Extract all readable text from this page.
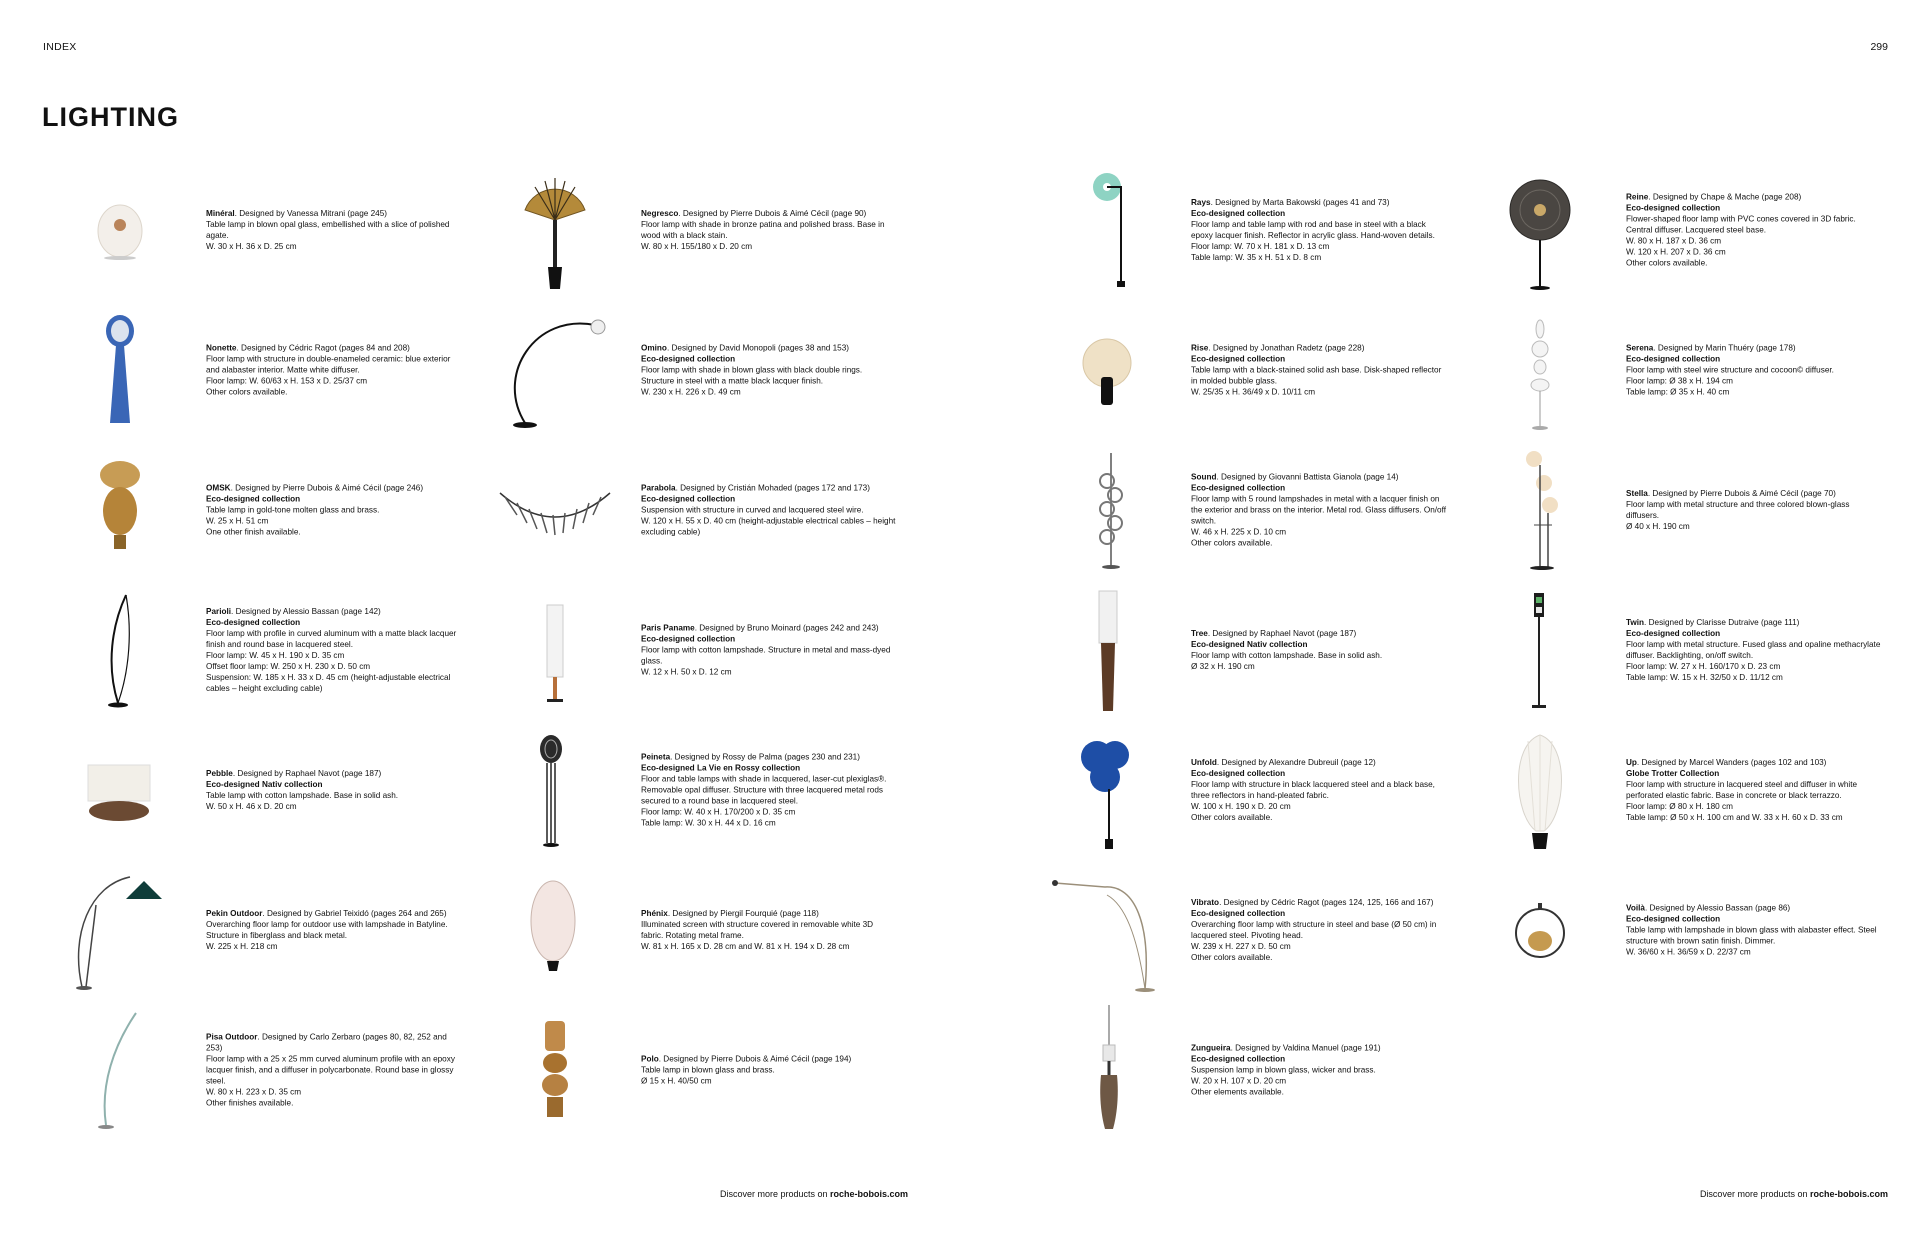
INDEX	299
LIGHTING
Discover more products on roche-bobois.com	Discover more products on roche-bobois.com
Minéral. Designed by Vanessa Mitrani (page 245)
Table lamp in blown opal glass, embellished with a slice of polished agate.
W. 30 x H. 36 x D. 25 cm
Negresco. Designed by Pierre Dubois & Aimé Cécil (page 90)
Floor lamp with shade in bronze patina and polished brass. Base in wood with a black stain.
W. 80 x H. 155/180 x D. 20 cm
Rays. Designed by Marta Bakowski (pages 41 and 73)
Eco-designed collection
Floor lamp and table lamp with rod and base in steel with a black epoxy lacquer finish. Reflector in acrylic glass. Hand-woven details.
Floor lamp: W. 70 x H. 181 x D. 13 cm
Table lamp: W. 35 x H. 51 x D. 8 cm
Reine. Designed by Chape & Mache (page 208)
Eco-designed collection
Flower-shaped floor lamp with PVC cones covered in 3D fabric. Central diffuser. Lacquered steel base.
W. 80 x H. 187 x D. 36 cm
W. 120 x H. 207 x D. 36 cm
Other colors available.
Nonette. Designed by Cédric Ragot (pages 84 and 208)
Floor lamp with structure in double-enameled ceramic: blue exterior and alabaster interior. Matte white diffuser.
Floor lamp: W. 60/63 x H. 153 x D. 25/37 cm
Other colors available.
Omino. Designed by David Monopoli (pages 38 and 153)
Eco-designed collection
Floor lamp with shade in blown glass with black double rings. Structure in steel with a matte black lacquer finish.
W. 230 x H. 226 x D. 49 cm
Rise. Designed by Jonathan Radetz (page 228)
Eco-designed collection
Table lamp with a black-stained solid ash base. Disk-shaped reflector in molded bubble glass.
W. 25/35 x H. 36/49 x D. 10/11 cm
Serena. Designed by Marin Thuéry (page 178)
Eco-designed collection
Floor lamp with steel wire structure and cocoon© diffuser.
Floor lamp: Ø 38 x H. 194 cm
Table lamp: Ø 35 x H. 40 cm
OMSK. Designed by Pierre Dubois & Aimé Cécil (page 246)
Eco-designed collection
Table lamp in gold-tone molten glass and brass.
W. 25 x H. 51 cm
One other finish available.
Parabola. Designed by Cristián Mohaded (pages 172 and 173)
Eco-designed collection
Suspension with structure in curved and lacquered steel wire.
W. 120 x H. 55 x D. 40 cm (height-adjustable electrical cables – height excluding cable)
Sound. Designed by Giovanni Battista Gianola (page 14)
Eco-designed collection
Floor lamp with 5 round lampshades in metal with a lacquer finish on the exterior and brass on the interior. Metal rod. Glass diffusers. On/off switch.
W. 46 x H. 225 x D. 10 cm
Other colors available.
Stella. Designed by Pierre Dubois & Aimé Cécil (page 70)
Floor lamp with metal structure and three colored blown-glass diffusers.
Ø 40 x H. 190 cm
Parioli. Designed by Alessio Bassan (page 142)
Eco-designed collection
Floor lamp with profile in curved aluminum with a matte black lacquer finish and round base in lacquered steel.
Floor lamp: W. 45 x H. 190 x D. 35 cm
Offset floor lamp: W. 250 x H. 230 x D. 50 cm
Suspension: W. 185 x H. 33 x D. 45 cm (height-adjustable electrical cables – height excluding cable)
Paris Paname. Designed by Bruno Moinard (pages 242 and 243)
Eco-designed collection
Floor lamp with cotton lampshade. Structure in metal and mass-dyed glass.
W. 12 x H. 50 x D. 12 cm
Tree. Designed by Raphael Navot (page 187)
Eco-designed Nativ collection
Floor lamp with cotton lampshade. Base in solid ash.
Ø 32 x H. 190 cm
Twin. Designed by Clarisse Dutraive (page 111)
Eco-designed collection
Floor lamp with metal structure. Fused glass and opaline methacrylate diffuser. Backlighting, on/off switch.
Floor lamp: W. 27 x H. 160/170 x D. 23 cm
Table lamp: W. 15 x H. 32/50 x D. 11/12 cm
Pebble. Designed by Raphael Navot (page 187)
Eco-designed Nativ collection
Table lamp with cotton lampshade. Base in solid ash.
W. 50 x H. 46 x D. 20 cm
Peineta. Designed by Rossy de Palma (pages 230 and 231)
Eco-designed La Vie en Rossy collection
Floor and table lamps with shade in lacquered, laser-cut plexiglas®. Removable opal diffuser. Structure with three lacquered metal rods secured to a round base in lacquered steel.
Floor lamp: W. 40 x H. 170/200 x D. 35 cm
Table lamp: W. 30 x H. 44 x D. 16 cm
Unfold. Designed by Alexandre Dubreuil (page 12)
Eco-designed collection
Floor lamp with structure in black lacquered steel and a black base, three reflectors in hand-pleated fabric.
W. 100 x H. 190 x D. 20 cm
Other colors available.
Up. Designed by Marcel Wanders (pages 102 and 103)
Globe Trotter Collection
Floor lamp with structure in lacquered steel and diffuser in white perforated elastic fabric. Base in concrete or black terrazzo.
Floor lamp: Ø 80 x H. 180 cm
Table lamp: Ø 50 x H. 100 cm and W. 33 x H. 60 x D. 33 cm
Pekin Outdoor. Designed by Gabriel Teixidó (pages 264 and 265)
Overarching floor lamp for outdoor use with lampshade in Batyline. Structure in fiberglass and black metal.
W. 225 x H. 218 cm
Phénix. Designed by Piergil Fourquié (page 118)
Illuminated screen with structure covered in removable white 3D fabric. Rotating metal frame.
W. 81 x H. 165 x D. 28 cm and W. 81 x H. 194 x D. 28 cm
Vibrato. Designed by Cédric Ragot (pages 124, 125, 166 and 167)
Eco-designed collection
Overarching floor lamp with structure in steel and base (Ø 50 cm) in lacquered steel. Pivoting head.
W. 239 x H. 227 x D. 50 cm
Other colors available.
Voilà. Designed by Alessio Bassan (page 86)
Eco-designed collection
Table lamp with lampshade in blown glass with alabaster effect. Steel structure with brown satin finish. Dimmer.
W. 36/60 x H. 36/59 x D. 22/37 cm
Pisa Outdoor. Designed by Carlo Zerbaro (pages 80, 82, 252 and 253)
Floor lamp with a 25 x 25 mm curved aluminum profile with an epoxy lacquer finish, and a diffuser in polycarbonate. Round base in glossy steel.
W. 80 x H. 223 x D. 35 cm
Other finishes available.
Polo. Designed by Pierre Dubois & Aimé Cécil (page 194)
Table lamp in blown glass and brass.
Ø 15 x H. 40/50 cm
Zungueira. Designed by Valdina Manuel (page 191)
Eco-designed collection
Suspension lamp in blown glass, wicker and brass.
W. 20 x H. 107 x D. 20 cm
Other elements available.
